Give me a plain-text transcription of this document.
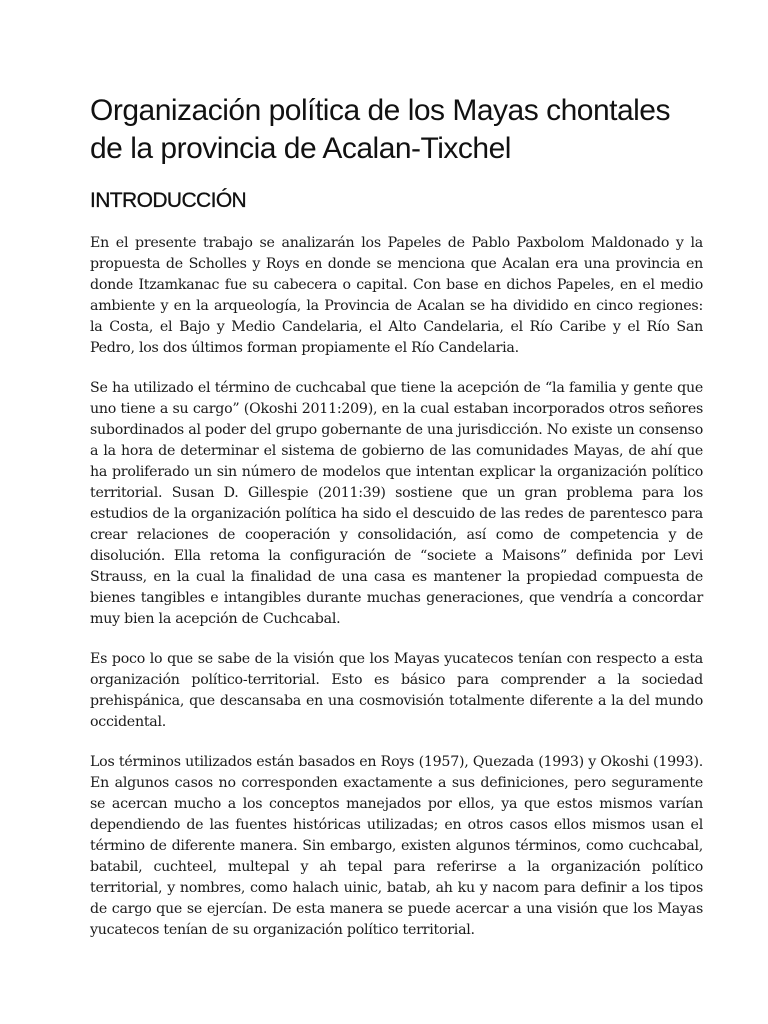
Organización política de los Mayas chontales de la provincia de Acalan-Tixchel
INTRODUCCIÓN

En el presente trabajo se analizarán los Papeles de Pablo Paxbolom Maldonado y la propuesta de Scholles y Roys en donde se menciona que Acalan era una provincia en donde Itzamkanac fue su cabecera o capital. Con base en dichos Papeles, en el medio ambiente y en la arqueología, la Provincia de Acalan se ha dividido en cinco regiones: la Costa, el Bajo y Medio Candelaria, el Alto Candelaria, el Río Caribe y el Río San Pedro, los dos últimos forman propiamente el Río Candelaria.

Se ha utilizado el término de cuchcabal que tiene la acepción de “la familia y gente que uno tiene a su cargo” (Okoshi 2011:209), en la cual estaban incorporados otros señores subordinados al poder del grupo gobernante de una jurisdicción. No existe un consenso a la hora de determinar el sistema de gobierno de las comunidades Mayas, de ahí que ha proliferado un sin número de modelos que intentan explicar la organización político territorial. Susan D. Gillespie (2011:39) sostiene que un gran problema para los estudios de la organización política ha sido el descuido de las redes de parentesco para crear relaciones de cooperación y consolidación, así como de competencia y de disolución. Ella retoma la configuración de “societe a Maisons” definida por Levi Strauss, en la cual la finalidad de una casa es mantener la propiedad compuesta de bienes tangibles e intangibles durante muchas generaciones, que vendría a concordar muy bien la acepción de Cuchcabal.

Es poco lo que se sabe de la visión que los Mayas yucatecos tenían con respecto a esta organización político-territorial. Esto es básico para comprender a la sociedad prehispánica, que descansaba en una cosmovisión totalmente diferente a la del mundo occidental.

Los términos utilizados están basados en Roys (1957), Quezada (1993) y Okoshi (1993). En algunos casos no corresponden exactamente a sus definiciones, pero seguramente se acercan mucho a los conceptos manejados por ellos, ya que estos mismos varían dependiendo de las fuentes históricas utilizadas; en otros casos ellos mismos usan el término de diferente manera. Sin embargo, existen algunos términos, como cuchcabal, batabil, cuchteel, multepal y ah tepal para referirse a la organización político territorial, y nombres, como halach uinic, batab, ah ku y nacom para definir a los tipos de cargo que se ejercían. De esta manera se puede acercar a una visión que los Mayas yucatecos tenían de su organización político territorial.
